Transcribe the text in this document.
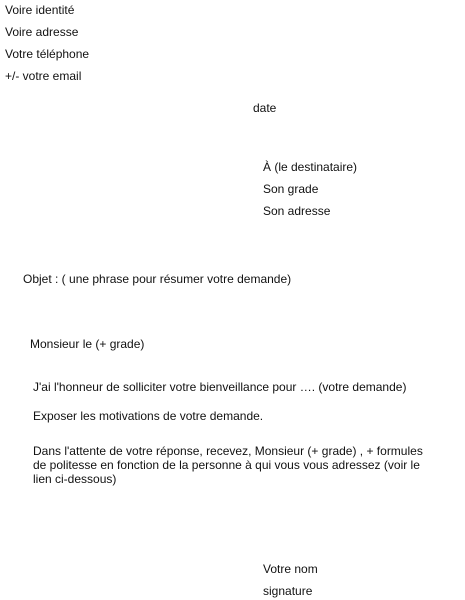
Voire identité
Voire adresse
Votre téléphone
+/- votre email
date
À (le destinataire)
Son grade
Son adresse
Objet : ( une phrase pour résumer votre demande)
Monsieur le (+ grade)
J'ai l'honneur de solliciter votre bienveillance pour …. (votre demande)
Exposer les motivations de votre demande.
Dans l'attente de votre réponse, recevez, Monsieur (+ grade) , + formules de politesse en fonction de la personne à qui vous vous adressez (voir le lien ci-dessous)
Votre nom
signature
